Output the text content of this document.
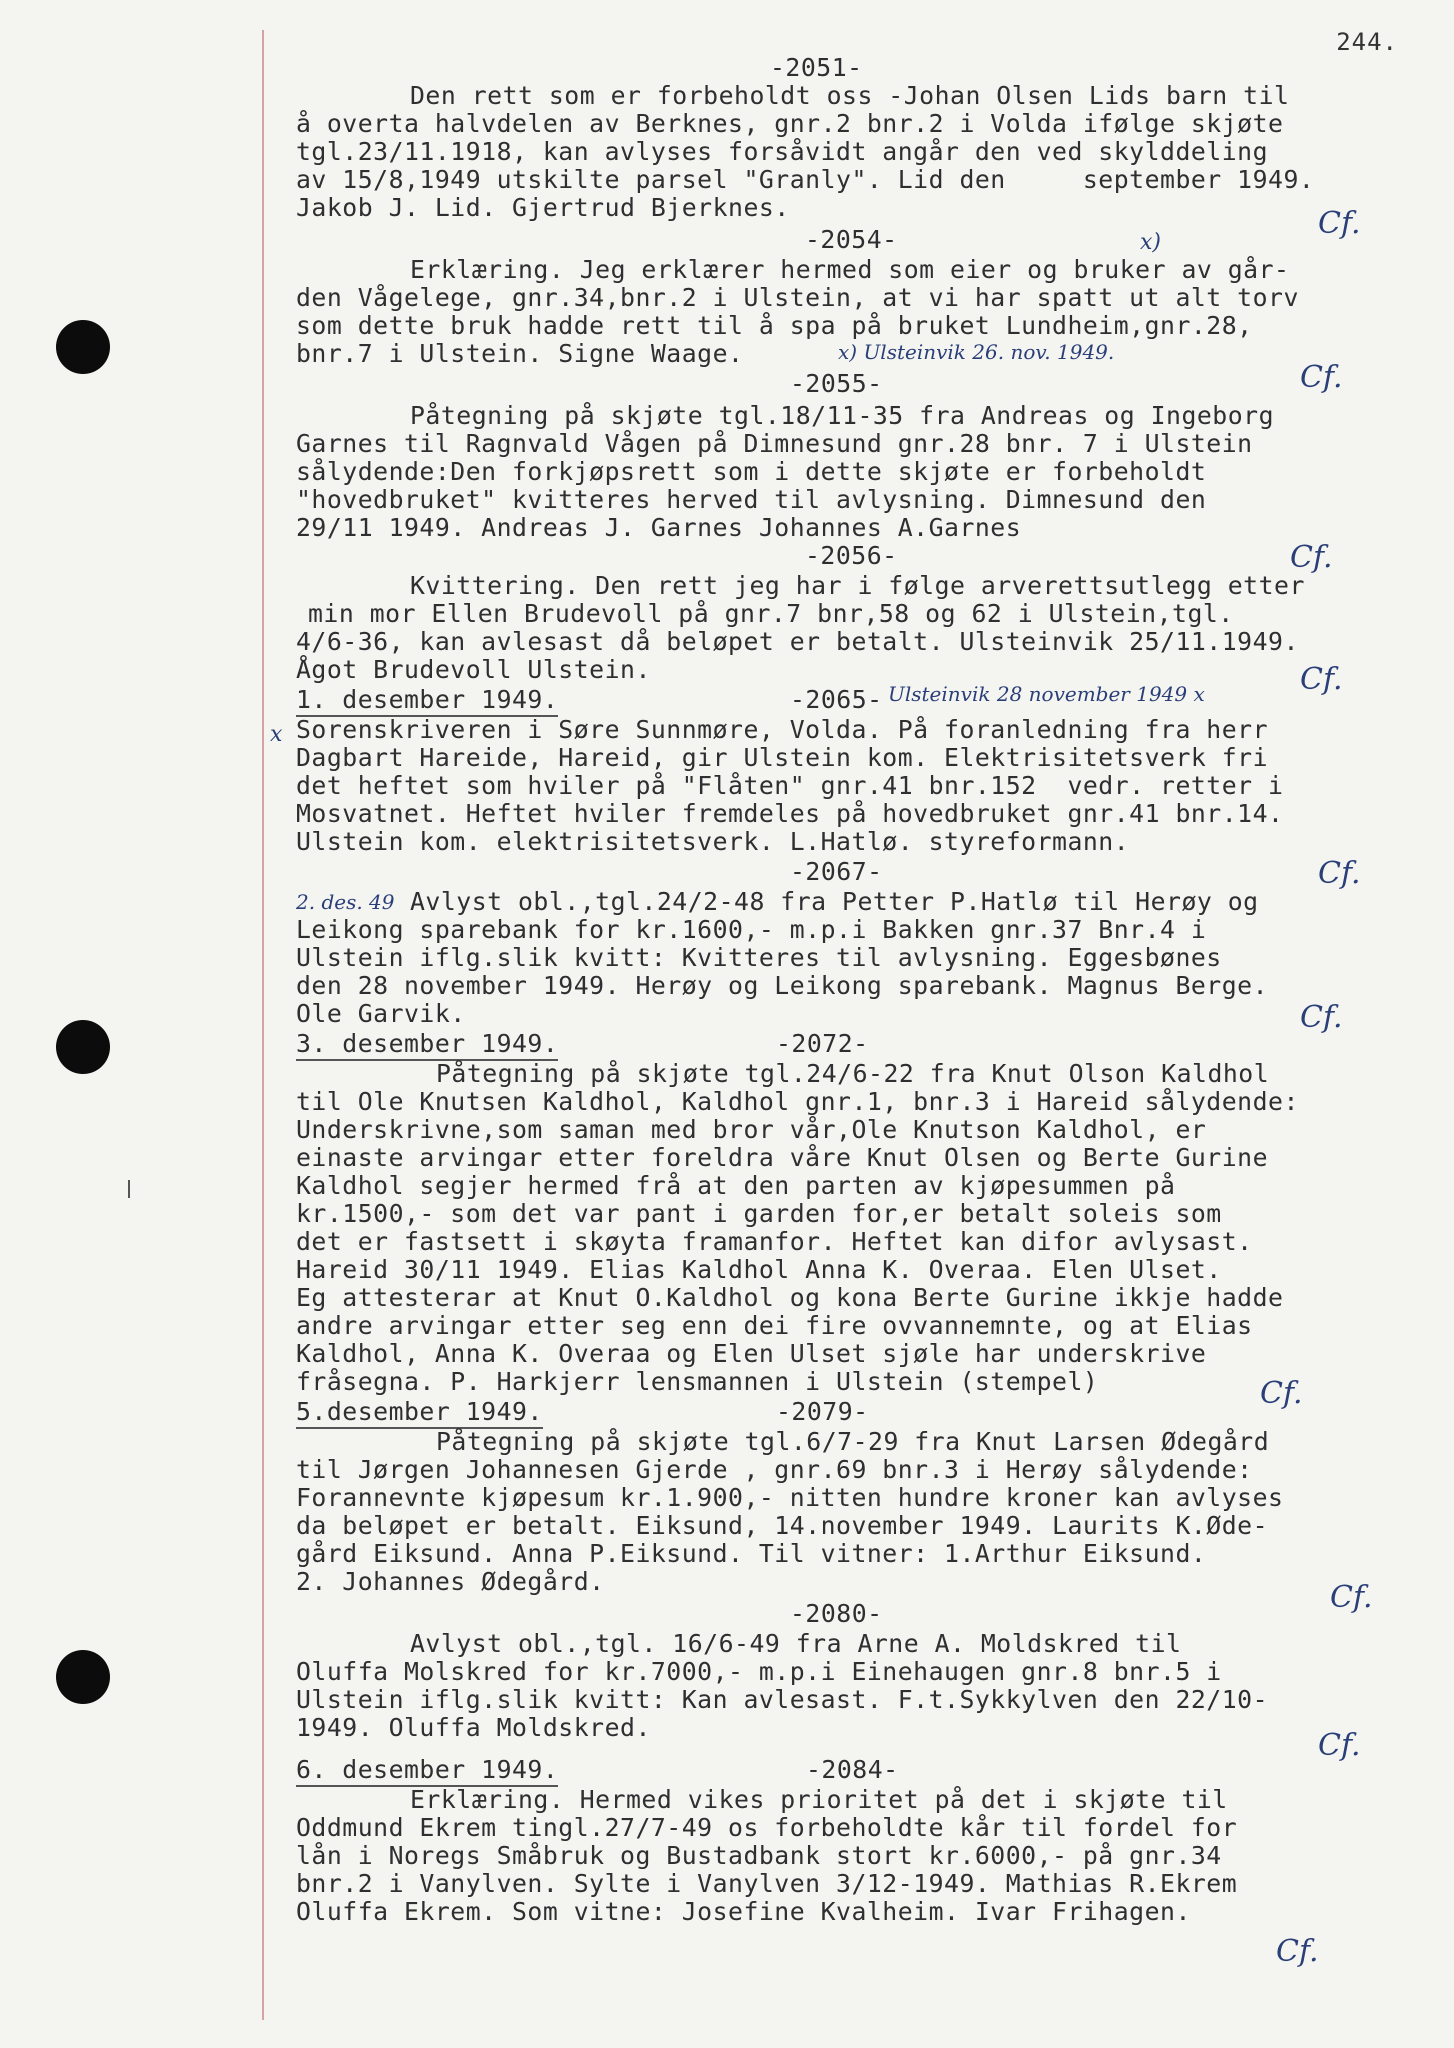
244.
-2051-
Den rett som er forbeholdt oss -Johan Olsen Lids barn til
å overta halvdelen av Berknes, gnr.2 bnr.2 i Volda ifølge skjøte
tgl.23/11.1918, kan avlyses forsåvidt angår den ved skylddeling
av 15/8,1949 utskilte parsel "Granly". Lid den     september 1949.
Jakob J. Lid. Gjertrud Bjerknes.	Cf.
-2054-	x)
Erklæring. Jeg erklærer hermed som eier og bruker av går-
den Vågelege, gnr.34,bnr.2 i Ulstein, at vi har spatt ut alt torv
som dette bruk hadde rett til å spa på bruket Lundheim,gnr.28,
bnr.7 i Ulstein. Signe Waage.	x) Ulsteinvik 26. nov. 1949.
Cf.
-2055-
Påtegning på skjøte tgl.18/11-35 fra Andreas og Ingeborg
Garnes til Ragnvald Vågen på Dimnesund gnr.28 bnr. 7 i Ulstein
sålydende:Den forkjøpsrett som i dette skjøte er forbeholdt
"hovedbruket" kvitteres herved til avlysning. Dimnesund den
29/11 1949. Andreas J. Garnes Johannes A.Garnes
Cf.
-2056-
Kvittering. Den rett jeg har i følge arverettsutlegg etter
min mor Ellen Brudevoll på gnr.7 bnr,58 og 62 i Ulstein,tgl.
4/6-36, kan avlesast då beløpet er betalt. Ulsteinvik 25/11.1949.
Ågot Brudevoll Ulstein.	Cf.
1. desember 1949.	-2065- Ulsteinvik 28 november 1949 x
x Sorenskriveren i Søre Sunnmøre, Volda. På foranledning fra herr
Dagbart Hareide, Hareid, gir Ulstein kom. Elektrisitetsverk fri
det heftet som hviler på "Flåten" gnr.41 bnr.152  vedr. retter i
Mosvatnet. Heftet hviler fremdeles på hovedbruket gnr.41 bnr.14.
Ulstein kom. elektrisitetsverk. L.Hatlø. styreformann.
Cf.
-2067-
2. des. 49 Avlyst obl.,tgl.24/2-48 fra Petter P.Hatlø til Herøy og
Leikong sparebank for kr.1600,- m.p.i Bakken gnr.37 Bnr.4 i
Ulstein iflg.slik kvitt: Kvitteres til avlysning. Eggesbønes
den 28 november 1949. Herøy og Leikong sparebank. Magnus Berge.
Ole Garvik.	Cf.
3. desember 1949.	-2072-
Påtegning på skjøte tgl.24/6-22 fra Knut Olson Kaldhol
til Ole Knutsen Kaldhol, Kaldhol gnr.1, bnr.3 i Hareid sålydende:
Underskrivne,som saman med bror vår,Ole Knutson Kaldhol, er
einaste arvingar etter foreldra våre Knut Olsen og Berte Gurine
Kaldhol segjer hermed frå at den parten av kjøpesummen på
kr.1500,- som det var pant i garden for,er betalt soleis som
det er fastsett i skøyta framanfor. Heftet kan difor avlysast.
Hareid 30/11 1949. Elias Kaldhol Anna K. Overaa. Elen Ulset.
Eg attesterar at Knut O.Kaldhol og kona Berte Gurine ikkje hadde
andre arvingar etter seg enn dei fire ovvannemnte, og at Elias
Kaldhol, Anna K. Overaa og Elen Ulset sjøle har underskrive
fråsegna. P. Harkjerr lensmannen i Ulstein (stempel)	Cf.
5.desember 1949.	-2079-
Påtegning på skjøte tgl.6/7-29 fra Knut Larsen Ødegård
til Jørgen Johannesen Gjerde , gnr.69 bnr.3 i Herøy sålydende:
Forannevnte kjøpesum kr.1.900,- nitten hundre kroner kan avlyses
da beløpet er betalt. Eiksund, 14.november 1949. Laurits K.Øde-
gård Eiksund. Anna P.Eiksund. Til vitner: 1.Arthur Eiksund.
2. Johannes Ødegård.	Cf.
-2080-
Avlyst obl.,tgl. 16/6-49 fra Arne A. Moldskred til
Oluffa Molskred for kr.7000,- m.p.i Einehaugen gnr.8 bnr.5 i
Ulstein iflg.slik kvitt: Kan avlesast. F.t.Sykkylven den 22/10-
1949. Oluffa Moldskred.
Cf.
6. desember 1949.	-2084-
Erklæring. Hermed vikes prioritet på det i skjøte til
Oddmund Ekrem tingl.27/7-49 os forbeholdte kår til fordel for
lån i Noregs Småbruk og Bustadbank stort kr.6000,- på gnr.34
bnr.2 i Vanylven. Sylte i Vanylven 3/12-1949. Mathias R.Ekrem
Oluffa Ekrem. Som vitne: Josefine Kvalheim. Ivar Frihagen.
Cf.
